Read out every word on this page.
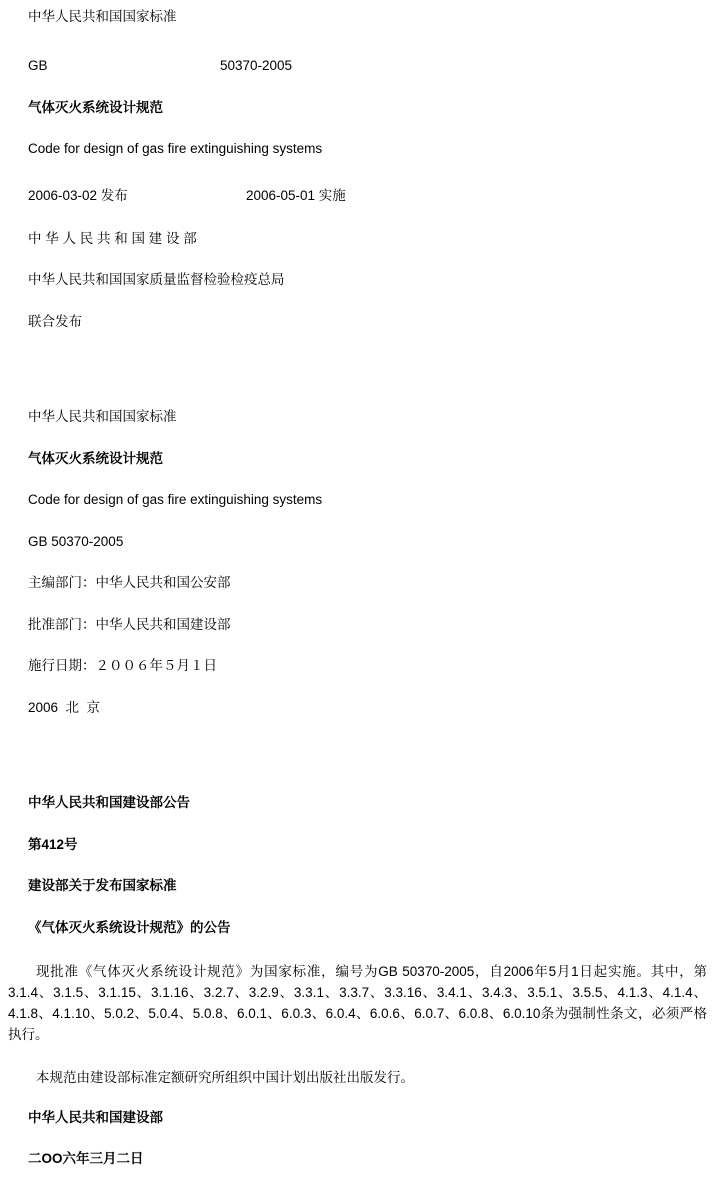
中华人民共和国国家标准
GB	50370-2005
气体灭火系统设计规范
Code for design of gas fire extinguishing systems
2006-03-02 发布	2006-05-01 实施
中 华 人 民 共 和 国 建 设 部
中华人民共和国国家质量监督检验检疫总局
联合发布
中华人民共和国国家标准
气体灭火系统设计规范
Code for design of gas fire extinguishing systems
GB 50370-2005
主编部门：中华人民共和国公安部
批准部门：中华人民共和国建设部
施行日期：２００６年５月１日
2006  北  京
中华人民共和国建设部公告
第412号
建设部关于发布国家标准
《气体灭火系统设计规范》的公告
现批准《气体灭火系统设计规范》为国家标准，编号为GB 50370-2005，自2006年5月1日起实施。其中，第3.1.4、3.1.5、3.1.15、3.1.16、3.2.7、3.2.9、3.3.1、3.3.7、3.3.16、3.4.1、3.4.3、3.5.1、3.5.5、4.1.3、4.1.4、4.1.8、4.1.10、5.0.2、5.0.4、5.0.8、6.0.1、6.0.3、6.0.4、6.0.6、6.0.7、6.0.8、6.0.10条为强制性条文，必须严格执行。
本规范由建设部标准定额研究所组织中国计划出版社出版发行。
中华人民共和国建设部
二ОО六年三月二日
